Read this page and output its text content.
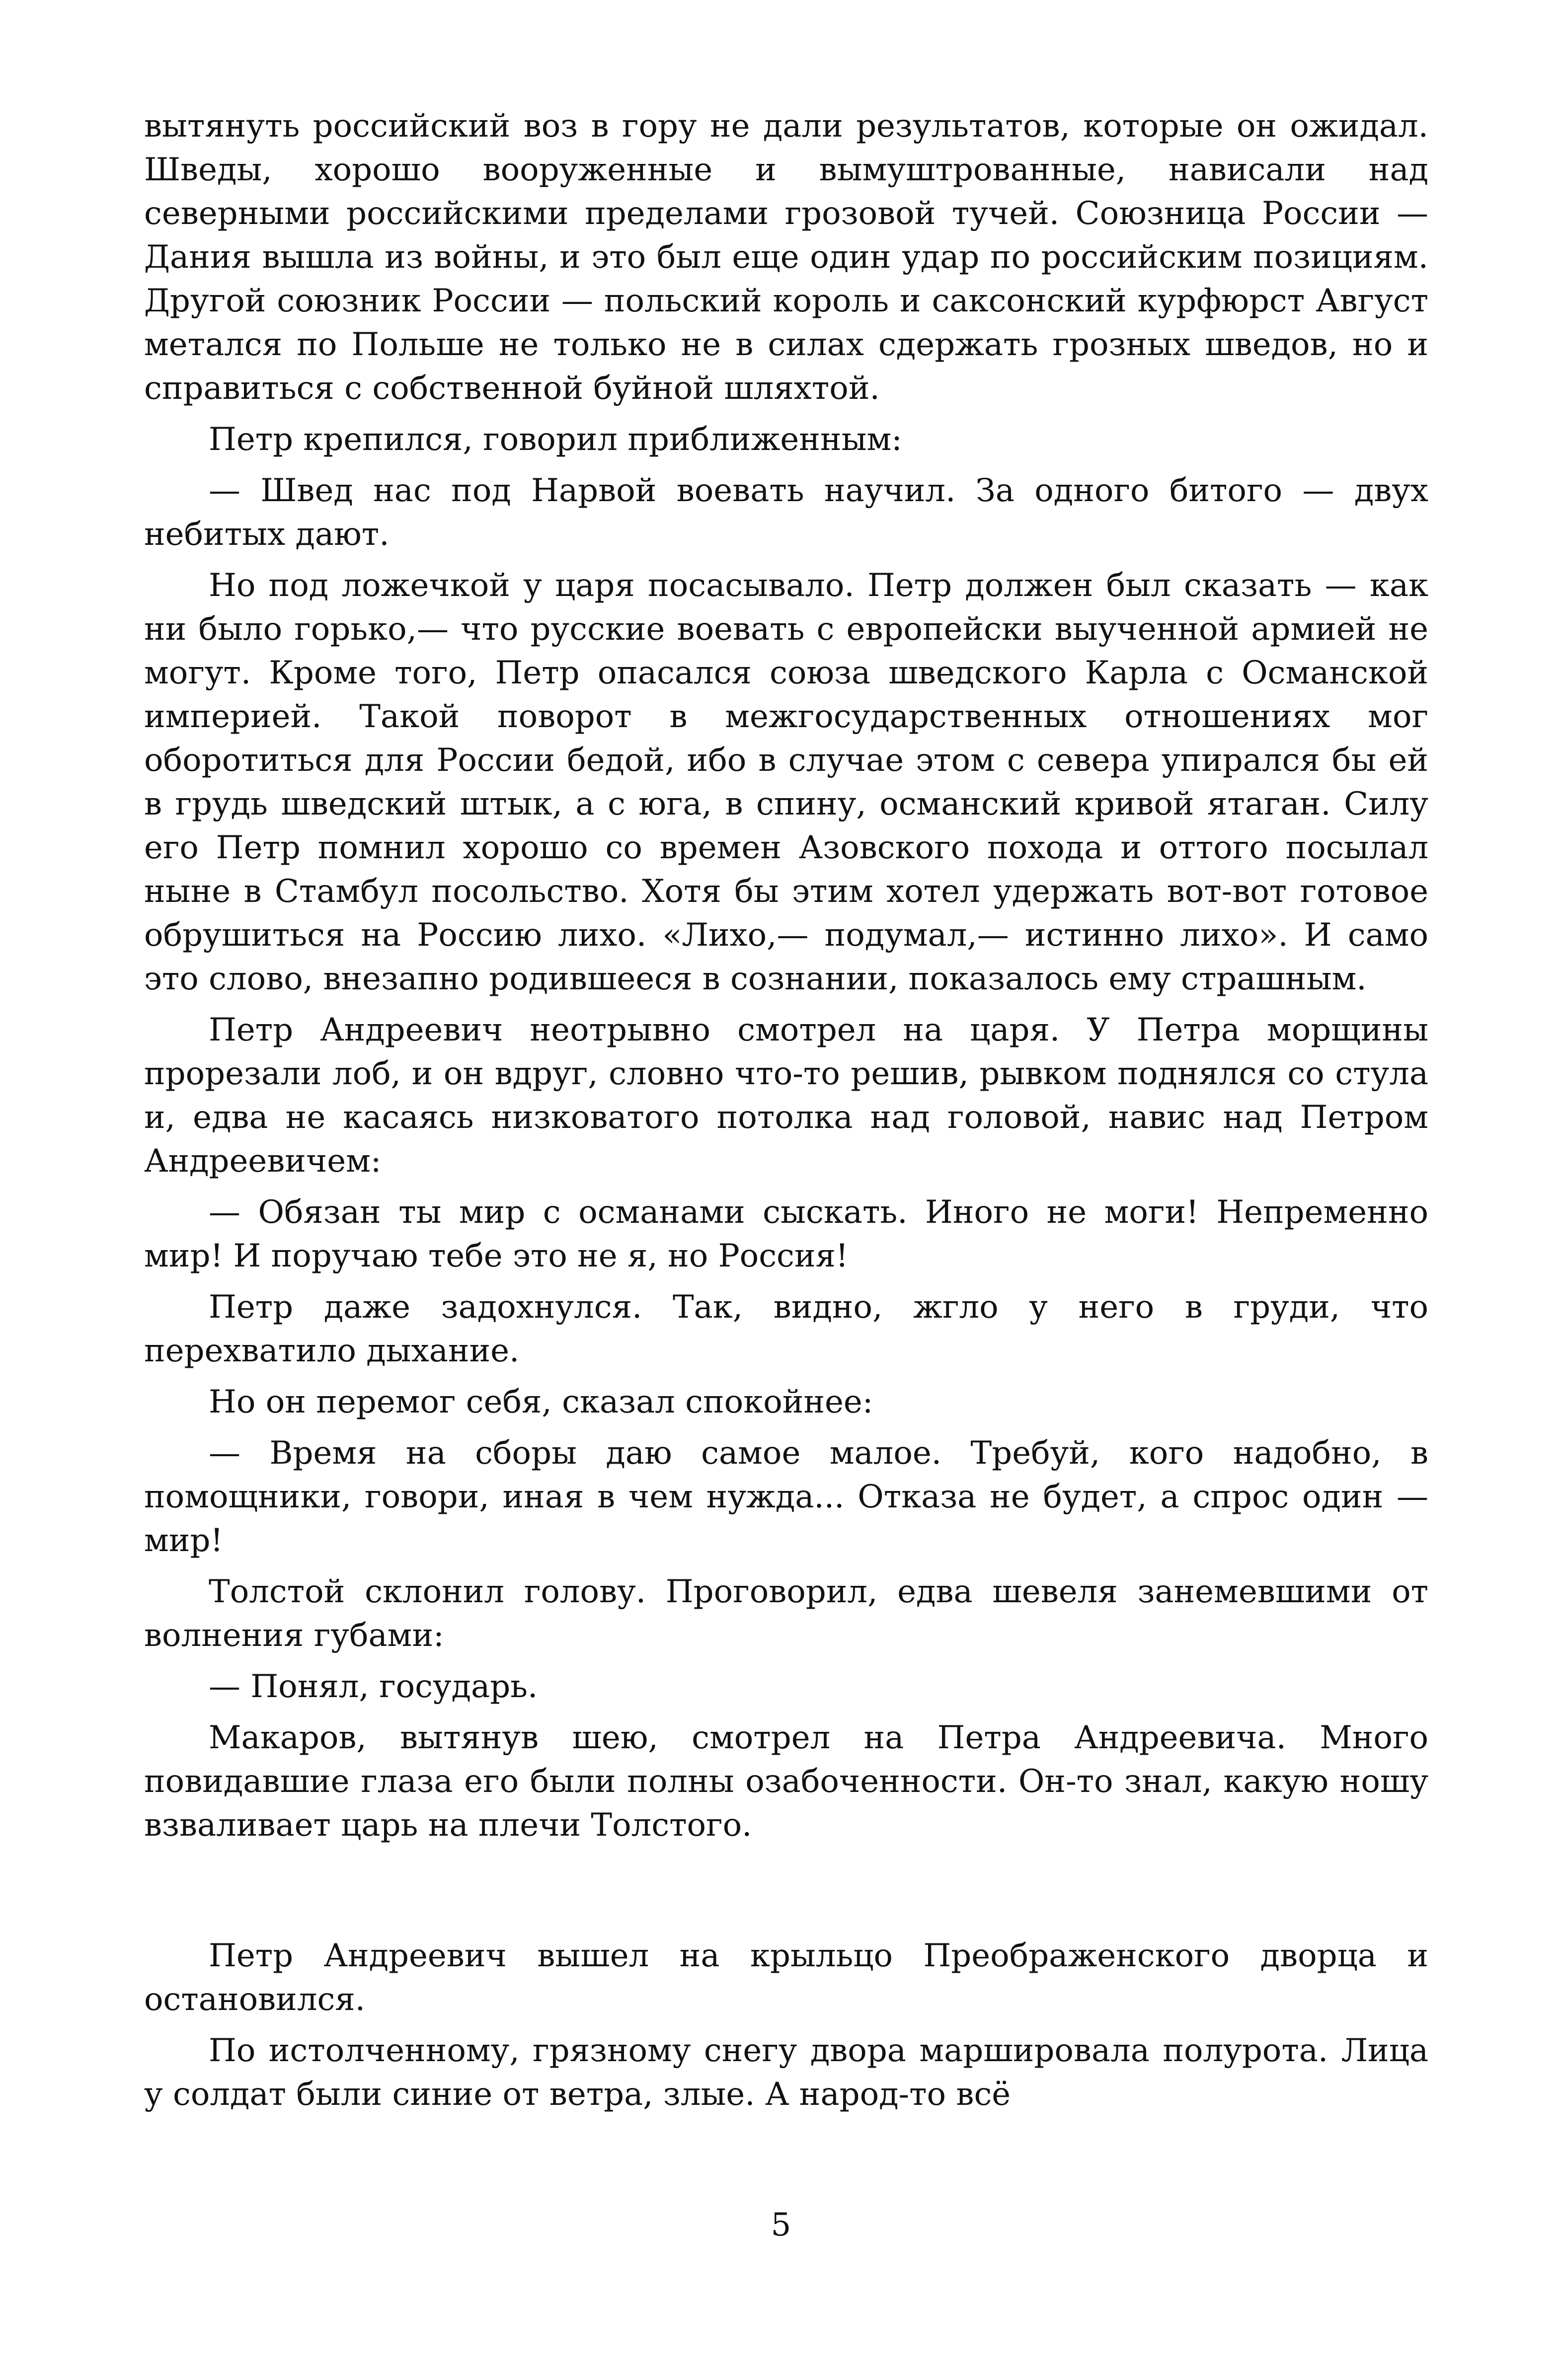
вытянуть российский воз в гору не дали результатов, которые он ожидал. Шведы, хорошо вооруженные и вымуштрованные, нависали над северными российскими пределами грозовой тучей. Союзница России — Дания вышла из войны, и это был еще один удар по российским позициям. Другой союзник России — польский король и саксонский курфюрст Август метался по Польше не только не в силах сдержать грозных шведов, но и справиться с собственной буйной шляхтой.

Петр крепился, говорил приближенным:

— Швед нас под Нарвой воевать научил. За одного битого — двух небитых дают.

Но под ложечкой у царя посасывало. Петр должен был сказать — как ни было горько,— что русские воевать с европейски выученной армией не могут. Кроме того, Петр опасался союза шведского Карла с Османской империей. Такой поворот в межгосударственных отношениях мог оборотиться для России бедой, ибо в случае этом с севера упирался бы ей в грудь шведский штык, а с юга, в спину, османский кривой ятаган. Силу его Петр помнил хорошо со времен Азовского похода и оттого посылал ныне в Стамбул посольство. Хотя бы этим хотел удержать вот-вот готовое обрушиться на Россию лихо. «Лихо,— подумал,— истинно лихо». И само это слово, внезапно родившееся в сознании, показалось ему страшным.

Петр Андреевич неотрывно смотрел на царя. У Петра морщины прорезали лоб, и он вдруг, словно что-то решив, рывком поднялся со стула и, едва не касаясь низковатого потолка над головой, навис над Петром Андреевичем:

— Обязан ты мир с османами сыскать. Иного не моги! Непременно мир! И поручаю тебе это не я, но Россия!

Петр даже задохнулся. Так, видно, жгло у него в груди, что перехватило дыхание.

Но он перемог себя, сказал спокойнее:

— Время на сборы даю самое малое. Требуй, кого надобно, в помощники, говори, иная в чем нужда... Отказа не будет, а спрос один — мир!

Толстой склонил голову. Проговорил, едва шевеля занемевшими от волнения губами:

— Понял, государь.

Макаров, вытянув шею, смотрел на Петра Андреевича. Много повидавшие глаза его были полны озабоченности. Он-то знал, какую ношу взваливает царь на плечи Толстого.

Петр Андреевич вышел на крыльцо Преображенского дворца и остановился.

По истолченному, грязному снегу двора маршировала полурота. Лица у солдат были синие от ветра, злые. А народ-то всё

5
